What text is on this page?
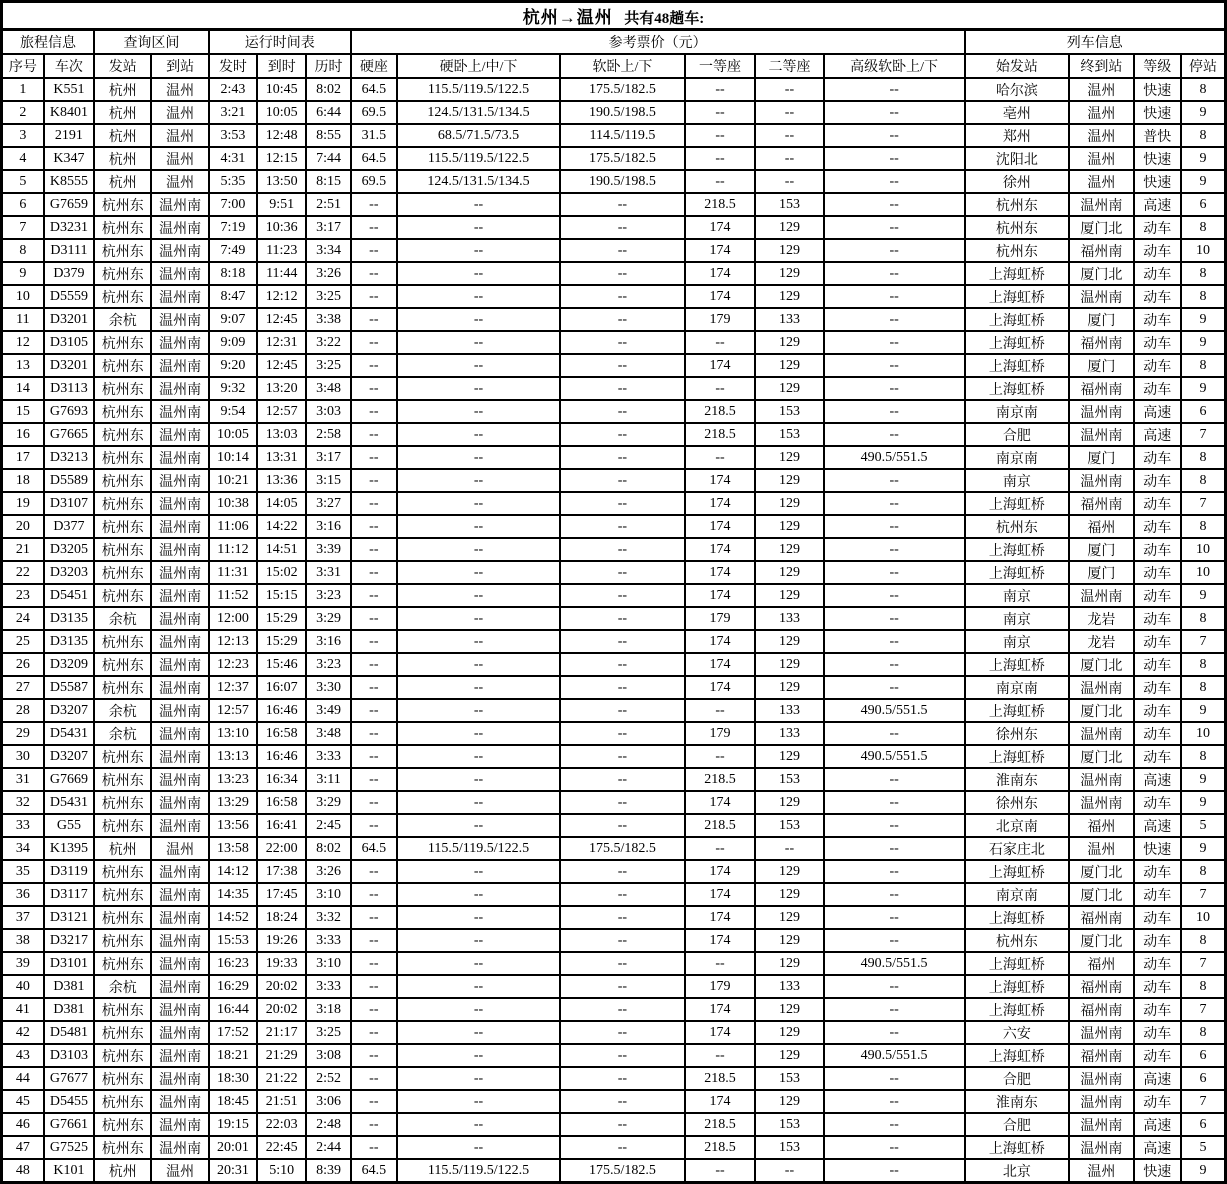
杭州→温州 共有48趟车:																
旅程信息		查询区间		运行时间表			参考票价（元）						列车信息			
序号	车次	发站	到站	发时	到时	历时	硬座	硬卧上/中/下	软卧上/下	一等座	二等座	高级软卧上/下	始发站	终到站	等级	停站
1	K551	杭州	温州	2:43	10:45	8:02	64.5	115.5/119.5/122.5	175.5/182.5	--	--	--	哈尔滨	温州	快速	8
2	K8401	杭州	温州	3:21	10:05	6:44	69.5	124.5/131.5/134.5	190.5/198.5	--	--	--	亳州	温州	快速	9
3	2191	杭州	温州	3:53	12:48	8:55	31.5	68.5/71.5/73.5	114.5/119.5	--	--	--	郑州	温州	普快	8
4	K347	杭州	温州	4:31	12:15	7:44	64.5	115.5/119.5/122.5	175.5/182.5	--	--	--	沈阳北	温州	快速	9
5	K8555	杭州	温州	5:35	13:50	8:15	69.5	124.5/131.5/134.5	190.5/198.5	--	--	--	徐州	温州	快速	9
6	G7659	杭州东	温州南	7:00	9:51	2:51	--	--	--	218.5	153	--	杭州东	温州南	高速	6
7	D3231	杭州东	温州南	7:19	10:36	3:17	--	--	--	174	129	--	杭州东	厦门北	动车	8
8	D3111	杭州东	温州南	7:49	11:23	3:34	--	--	--	174	129	--	杭州东	福州南	动车	10
9	D379	杭州东	温州南	8:18	11:44	3:26	--	--	--	174	129	--	上海虹桥	厦门北	动车	8
10	D5559	杭州东	温州南	8:47	12:12	3:25	--	--	--	174	129	--	上海虹桥	温州南	动车	8
11	D3201	余杭	温州南	9:07	12:45	3:38	--	--	--	179	133	--	上海虹桥	厦门	动车	9
12	D3105	杭州东	温州南	9:09	12:31	3:22	--	--	--	--	129	--	上海虹桥	福州南	动车	9
13	D3201	杭州东	温州南	9:20	12:45	3:25	--	--	--	174	129	--	上海虹桥	厦门	动车	8
14	D3113	杭州东	温州南	9:32	13:20	3:48	--	--	--	--	129	--	上海虹桥	福州南	动车	9
15	G7693	杭州东	温州南	9:54	12:57	3:03	--	--	--	218.5	153	--	南京南	温州南	高速	6
16	G7665	杭州东	温州南	10:05	13:03	2:58	--	--	--	218.5	153	--	合肥	温州南	高速	7
17	D3213	杭州东	温州南	10:14	13:31	3:17	--	--	--	--	129	490.5/551.5	南京南	厦门	动车	8
18	D5589	杭州东	温州南	10:21	13:36	3:15	--	--	--	174	129	--	南京	温州南	动车	8
19	D3107	杭州东	温州南	10:38	14:05	3:27	--	--	--	174	129	--	上海虹桥	福州南	动车	7
20	D377	杭州东	温州南	11:06	14:22	3:16	--	--	--	174	129	--	杭州东	福州	动车	8
21	D3205	杭州东	温州南	11:12	14:51	3:39	--	--	--	174	129	--	上海虹桥	厦门	动车	10
22	D3203	杭州东	温州南	11:31	15:02	3:31	--	--	--	174	129	--	上海虹桥	厦门	动车	10
23	D5451	杭州东	温州南	11:52	15:15	3:23	--	--	--	174	129	--	南京	温州南	动车	9
24	D3135	余杭	温州南	12:00	15:29	3:29	--	--	--	179	133	--	南京	龙岩	动车	8
25	D3135	杭州东	温州南	12:13	15:29	3:16	--	--	--	174	129	--	南京	龙岩	动车	7
26	D3209	杭州东	温州南	12:23	15:46	3:23	--	--	--	174	129	--	上海虹桥	厦门北	动车	8
27	D5587	杭州东	温州南	12:37	16:07	3:30	--	--	--	174	129	--	南京南	温州南	动车	8
28	D3207	余杭	温州南	12:57	16:46	3:49	--	--	--	--	133	490.5/551.5	上海虹桥	厦门北	动车	9
29	D5431	余杭	温州南	13:10	16:58	3:48	--	--	--	179	133	--	徐州东	温州南	动车	10
30	D3207	杭州东	温州南	13:13	16:46	3:33	--	--	--	--	129	490.5/551.5	上海虹桥	厦门北	动车	8
31	G7669	杭州东	温州南	13:23	16:34	3:11	--	--	--	218.5	153	--	淮南东	温州南	高速	9
32	D5431	杭州东	温州南	13:29	16:58	3:29	--	--	--	174	129	--	徐州东	温州南	动车	9
33	G55	杭州东	温州南	13:56	16:41	2:45	--	--	--	218.5	153	--	北京南	福州	高速	5
34	K1395	杭州	温州	13:58	22:00	8:02	64.5	115.5/119.5/122.5	175.5/182.5	--	--	--	石家庄北	温州	快速	9
35	D3119	杭州东	温州南	14:12	17:38	3:26	--	--	--	174	129	--	上海虹桥	厦门北	动车	8
36	D3117	杭州东	温州南	14:35	17:45	3:10	--	--	--	174	129	--	南京南	厦门北	动车	7
37	D3121	杭州东	温州南	14:52	18:24	3:32	--	--	--	174	129	--	上海虹桥	福州南	动车	10
38	D3217	杭州东	温州南	15:53	19:26	3:33	--	--	--	174	129	--	杭州东	厦门北	动车	8
39	D3101	杭州东	温州南	16:23	19:33	3:10	--	--	--	--	129	490.5/551.5	上海虹桥	福州	动车	7
40	D381	余杭	温州南	16:29	20:02	3:33	--	--	--	179	133	--	上海虹桥	福州南	动车	8
41	D381	杭州东	温州南	16:44	20:02	3:18	--	--	--	174	129	--	上海虹桥	福州南	动车	7
42	D5481	杭州东	温州南	17:52	21:17	3:25	--	--	--	174	129	--	六安	温州南	动车	8
43	D3103	杭州东	温州南	18:21	21:29	3:08	--	--	--	--	129	490.5/551.5	上海虹桥	福州南	动车	6
44	G7677	杭州东	温州南	18:30	21:22	2:52	--	--	--	218.5	153	--	合肥	温州南	高速	6
45	D5455	杭州东	温州南	18:45	21:51	3:06	--	--	--	174	129	--	淮南东	温州南	动车	7
46	G7661	杭州东	温州南	19:15	22:03	2:48	--	--	--	218.5	153	--	合肥	温州南	高速	6
47	G7525	杭州东	温州南	20:01	22:45	2:44	--	--	--	218.5	153	--	上海虹桥	温州南	高速	5
48	K101	杭州	温州	20:31	5:10	8:39	64.5	115.5/119.5/122.5	175.5/182.5	--	--	--	北京	温州	快速	9
